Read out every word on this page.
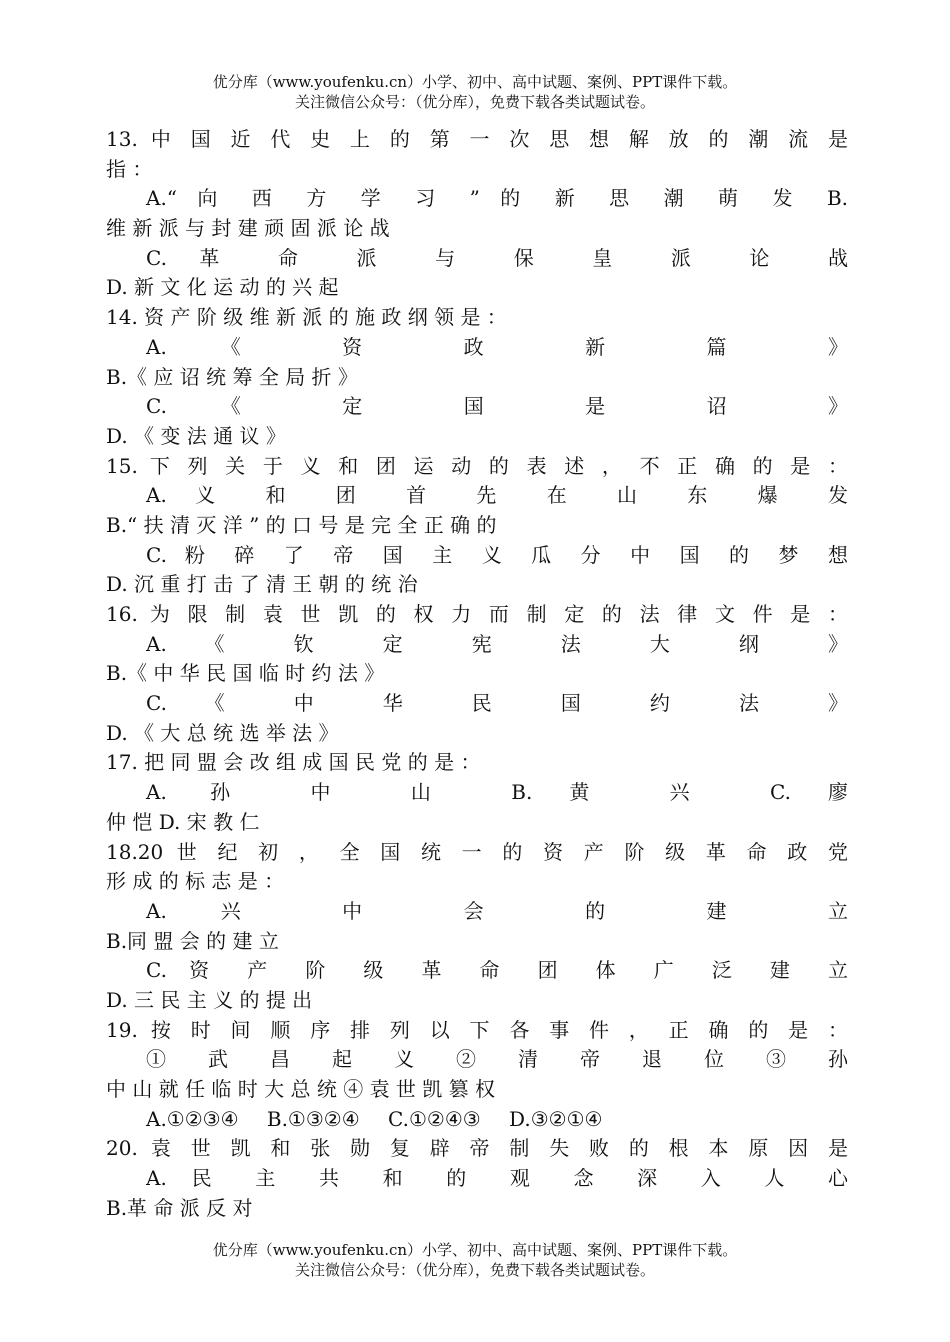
优分库（www.youfenku.cn）小学、初中、高中试题、案例、PPT课件下载。
关注微信公众号：（优分库），免费下载各类试题试卷。
13. 中 国 近 代 史 上 的 第 一 次 思 想 解 放 的 潮 流 是
指 ：
A.“ 向 西 方 学 习 ” 的 新 思 潮 萌 发 B.
维 新 派 与 封 建 顽 固 派 论 战
C. 革 命 派 与 保 皇 派 论 战
D. 新 文 化 运 动 的 兴 起
14. 资 产 阶 级 维 新 派 的 施 政 纲 领 是 ：
A. 《 资 政 新 篇 》
B.《 应 诏 统 筹 全 局 折 》
C. 《 定 国 是 诏 》
D. 《 变 法 通 议 》
15. 下 列 关 于 义 和 团 运 动 的 表 述 ， 不 正 确 的 是 ：
A. 义 和 团 首 先 在 山 东 爆 发
B.“ 扶 清 灭 洋 ” 的 口 号 是 完 全 正 确 的
C. 粉 碎 了 帝 国 主 义 瓜 分 中 国 的 梦 想
D. 沉 重 打 击 了 清 王 朝 的 统 治
16. 为 限 制 袁 世 凯 的 权 力 而 制 定 的 法 律 文 件 是 ：
A. 《 钦 定 宪 法 大 纲 》
B.《 中 华 民 国 临 时 约 法 》
C. 《 中 华 民 国 约 法 》
D. 《 大 总 统 选 举 法 》
17. 把 同 盟 会 改 组 成 国 民 党 的 是 ：
A. 孙 中 山 B.黄 兴 C.廖
仲 恺 D. 宋 教 仁
18.20 世 纪 初 ， 全 国 统 一 的 资 产 阶 级 革 命 政 党
形 成 的 标 志 是 ：
A. 兴 中 会 的 建 立
B.同 盟 会 的 建 立
C. 资 产 阶 级 革 命 团 体 广 泛 建 立
D. 三 民 主 义 的 提 出
19. 按 时 间 顺 序 排 列 以 下 各 事 件 ， 正 确 的 是 ：
① 武 昌 起 义 ② 清 帝 退 位 ③ 孙
中 山 就 任 临 时 大 总 统 ④ 袁 世 凯 篡 权
A.①②③④ B.①③②④ C.①②④③ D.③②①④
20. 袁 世 凯 和 张 勋 复 辟 帝 制 失 败 的 根 本 原 因 是
A. 民 主 共 和 的 观 念 深 入 人 心
B.革 命 派 反 对
优分库（www.youfenku.cn）小学、初中、高中试题、案例、PPT课件下载。
关注微信公众号：（优分库），免费下载各类试题试卷。
